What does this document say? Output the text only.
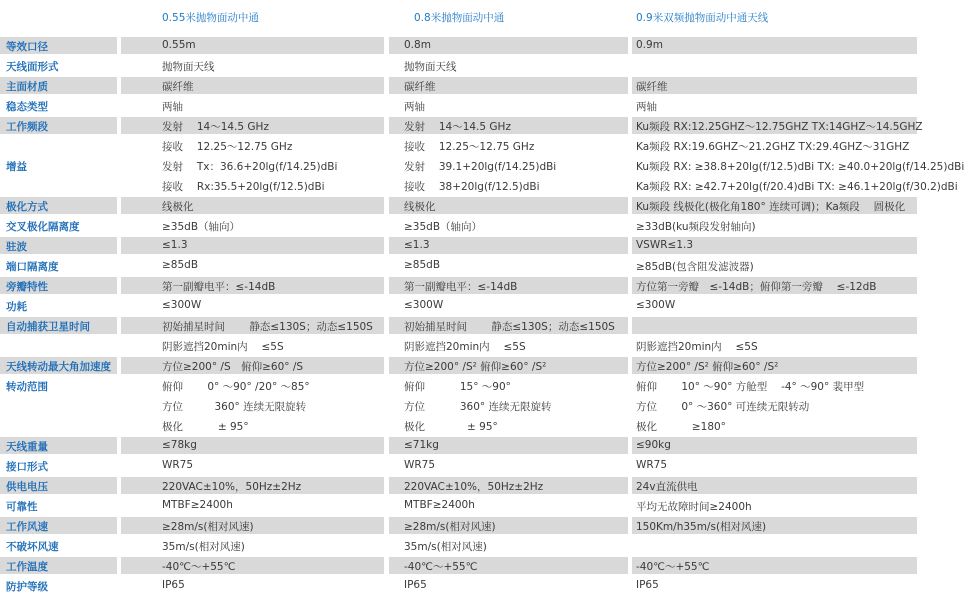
0.55米抛物面动中通	0.8米抛物面动中通	0.9米双频抛物面动中通天线
等效口径	0.55m	0.8m	0.9m
天线面形式	抛物面天线	抛物面天线
主面材质	碳纤维	碳纤维	碳纤维
稳态类型	两轴	两轴	两轴
工作频段	发射　 14～14.5 GHz	发射　 14～14.5 GHz	Ku频段 RX:12.25GHZ～12.75GHZ TX:14GHZ～14.5GHZ
接收　 12.25～12.75 GHz	接收　 12.25～12.75 GHz	Ka频段 RX:19.6GHZ～21.2GHZ TX:29.4GHZ～31GHZ
增益	发射　 Tx：36.6+20lg(f/14.25)dBi	发射　 39.1+20lg(f/14.25)dBi	Ku频段 RX: ≥38.8+20lg(f/12.5)dBi TX: ≥40.0+20lg(f/14.25)dBi
接收　 Rx:35.5+20lg(f/12.5)dBi	接收　 38+20lg(f/12.5)dBi	Ka频段 RX: ≥42.7+20lg(f/20.4)dBi TX: ≥46.1+20lg(f/30.2)dBi
极化方式	线极化	线极化	Ku频段 线极化(极化角180° 连续可调)；Ka频段　 圆极化
交叉极化隔离度	≥35dB（轴向）	≥35dB（轴向）	≥33dB(ku频段发射轴向)
驻波	≤1.3	≤1.3	VSWR≤1.3
端口隔离度	≥85dB	≥85dB	≥85dB(包含阻发滤波器)
旁瓣特性	第一副瓣电平：≤-14dB	第一副瓣电平：≤-14dB	方位第一旁瓣　≤-14dB；俯仰第一旁瓣　 ≤-12dB
功耗	≤300W	≤300W	≤300W
自动捕获卫星时间	初始捕星时间　　 静态≤130S；动态≤150S	初始捕星时间　　 静态≤130S；动态≤150S
阴影遮挡20min内　 ≤5S	阴影遮挡20min内　 ≤5S	阴影遮挡20min内　 ≤5S
天线转动最大角加速度	方位≥200° /S　俯仰≥60° /S	方位≥200° /S² 俯仰≥60° /S²	方位≥200° /S² 俯仰≥60° /S²
转动范围	俯仰　　 0° ～90° /20° ～85°	俯仰　　　 15° ～90°	俯仰　　 10° ～90° 方舱型　 -4° ～90° 裴甲型
方位　　　360° 连续无限旋转	方位　　　 360° 连续无限旋转	方位　　 0° ～360° 可连续无限转动
极化　　　 ± 95°	极化　　　　± 95°	极化　　　 ≥180°
天线重量	≤78kg	≤71kg	≤90kg
接口形式	WR75	WR75	WR75
供电电压	220VAC±10%，50Hz±2Hz	220VAC±10%，50Hz±2Hz	24v直流供电
可靠性	MTBF≥2400h	MTBF≥2400h	平均无故障时间≥2400h
工作风速	≥28m/s(相对风速)	≥28m/s(相对风速)	150Km/h35m/s(相对风速)
不破坏风速	35m/s(相对风速)	35m/s(相对风速)
工作温度	-40℃～+55℃	-40℃～+55℃	-40℃～+55℃
防护等级	IP65	IP65	IP65
